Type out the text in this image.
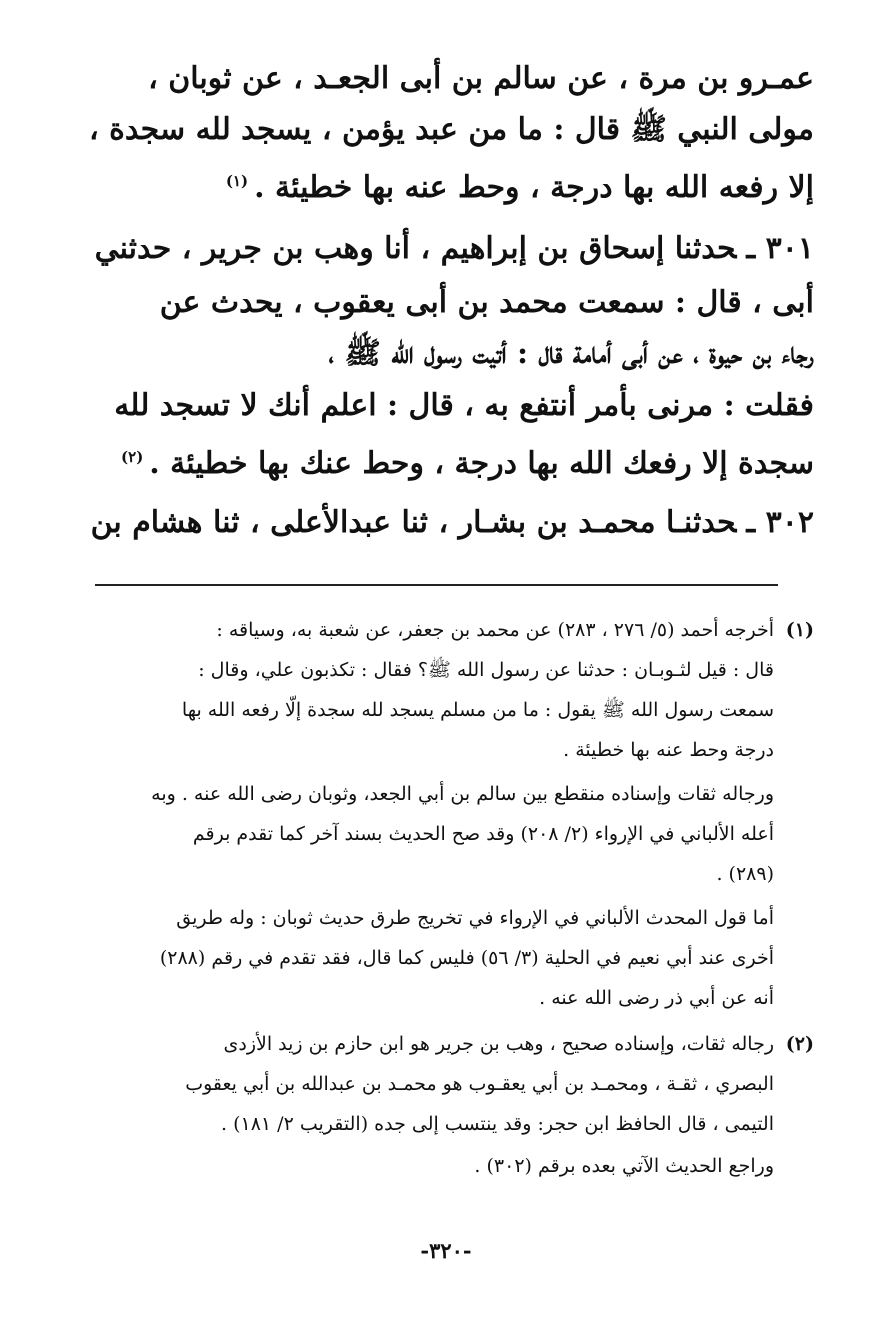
عمـرو بن مرة ، عن سالم بن أبى الجعـد ، عن ثوبان ،
مولى النبي ﷺ قال : ما من عبد يؤمن ، يسجد لله سجدة ،
إلا رفعه الله بها درجة ، وحط عنه بها خطيئة .$^{(١)}$
٣٠١ ـحدثنا إسحاق بن إبراهيم ، أنا وهب بن جرير ، حدثني
أبى ، قال : سمعت محمد بن أبى يعقوب ، يحدث عن
رجاء بن حيوة ، عن أبى أمامة قال : أتيت رسول الله ﷺ ،
فقلت : مرنى بأمر أنتفع به ، قال : اعلم أنك لا تسجد لله
سجدة إلا رفعك الله بها درجة ، وحط عنك بها خطيئة .$^{(٢)}$
٣٠٢ ـحدثنـا محمـد بن بشـار ، ثنا عبدالأعلى ، ثنا هشام بن
(١)أخرجه أحمد (٥/ ٢٧٦ ، ٢٨٣) عن محمد بن جعفر، عن شعبة به، وسياقه :
قال : قيل لثـوبـان : حدثنا عن رسول الله ﷺ؟ فقال : تكذبون علي، وقال :
سمعت رسول الله ﷺ يقول : ما من مسلم يسجد لله سجدة إلّا رفعه الله بها
درجة وحط عنه بها خطيئة .
ورجاله ثقات وإسناده منقطع بين سالم بن أبي الجعد، وثوبان رضى الله عنه . وبه
أعله الألباني في الإرواء (٢/ ٢٠٨) وقد صح الحديث بسند آخر كما تقدم برقم
(٢٨٩) .
أما قول المحدث الألباني في الإرواء في تخريج طرق حديث ثوبان : وله طريق
أخرى عند أبي نعيم في الحلية (٣/ ٥٦) فليس كما قال، فقد تقدم في رقم (٢٨٨)
أنه عن أبي ذر رضى الله عنه .
(٢)رجاله ثقات، وإسناده صحيح ، وهب بن جرير هو ابن حازم بن زيد الأزدى
البصري ، ثقـة ، ومحمـد بن أبي يعقـوب هو محمـد بن عبدالله بن أبي يعقوب
التيمى ، قال الحافظ ابن حجر: وقد ينتسب إلى جده (التقريب ٢/ ١٨١) .
وراجع الحديث الآتي بعده برقم (٣٠٢) .
-٣٢٠-
